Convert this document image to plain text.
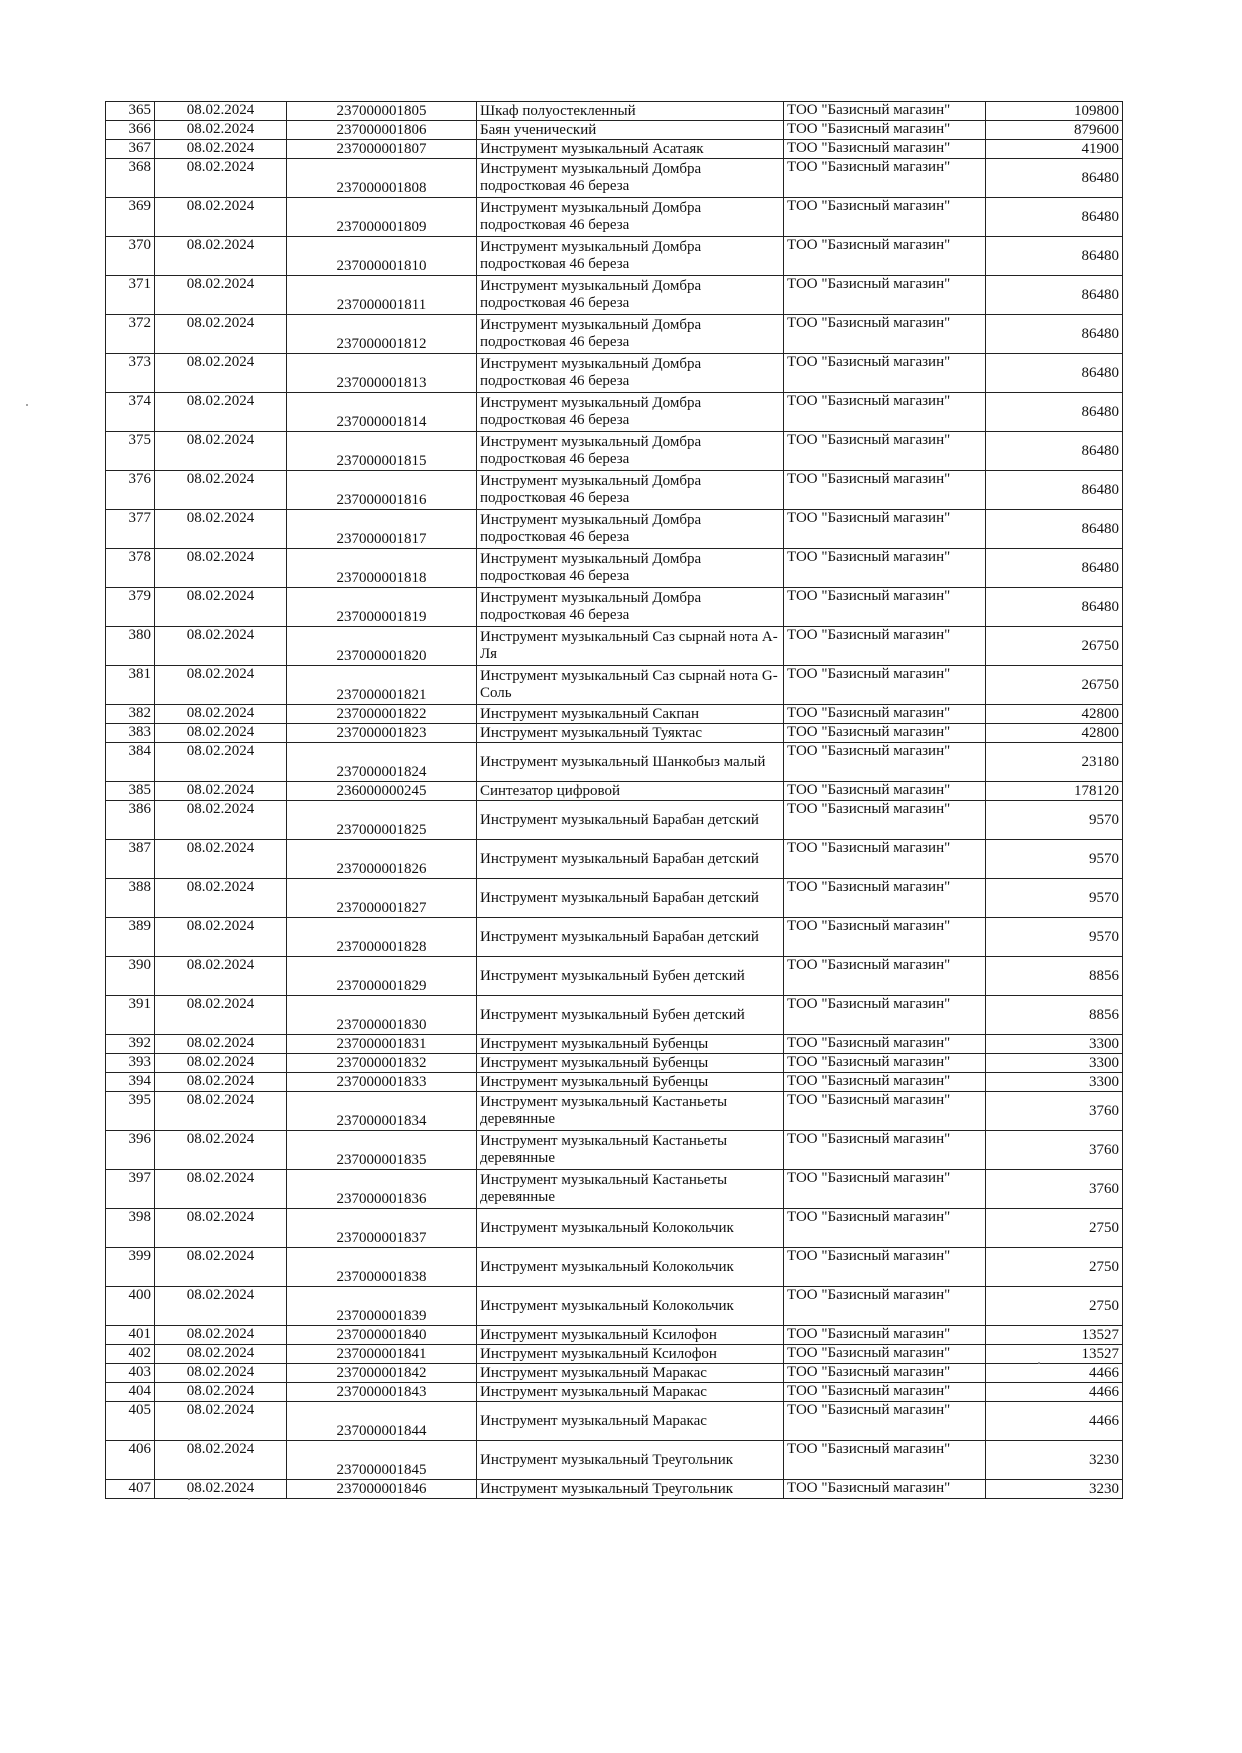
365	08.02.2024	237000001805	Шкаф полуостекленный	ТОО "Базисный магазин"	109800
366	08.02.2024	237000001806	Баян ученический	ТОО "Базисный магазин"	879600
367	08.02.2024	237000001807	Инструмент музыкальный Асатаяк	ТОО "Базисный магазин"	41900
368	08.02.2024	237000001808	Инструмент музыкальный Домбра подростковая 46 береза	ТОО "Базисный магазин"	86480
369	08.02.2024	237000001809	Инструмент музыкальный Домбра подростковая 46 береза	ТОО "Базисный магазин"	86480
370	08.02.2024	237000001810	Инструмент музыкальный Домбра подростковая 46 береза	ТОО "Базисный магазин"	86480
371	08.02.2024	237000001811	Инструмент музыкальный Домбра подростковая 46 береза	ТОО "Базисный магазин"	86480
372	08.02.2024	237000001812	Инструмент музыкальный Домбра подростковая 46 береза	ТОО "Базисный магазин"	86480
373	08.02.2024	237000001813	Инструмент музыкальный Домбра подростковая 46 береза	ТОО "Базисный магазин"	86480
374	08.02.2024	237000001814	Инструмент музыкальный Домбра подростковая 46 береза	ТОО "Базисный магазин"	86480
375	08.02.2024	237000001815	Инструмент музыкальный Домбра подростковая 46 береза	ТОО "Базисный магазин"	86480
376	08.02.2024	237000001816	Инструмент музыкальный Домбра подростковая 46 береза	ТОО "Базисный магазин"	86480
377	08.02.2024	237000001817	Инструмент музыкальный Домбра подростковая 46 береза	ТОО "Базисный магазин"	86480
378	08.02.2024	237000001818	Инструмент музыкальный Домбра подростковая 46 береза	ТОО "Базисный магазин"	86480
379	08.02.2024	237000001819	Инструмент музыкальный Домбра подростковая 46 береза	ТОО "Базисный магазин"	86480
380	08.02.2024	237000001820	Инструмент музыкальный Саз сырнай нота А-Ля	ТОО "Базисный магазин"	26750
381	08.02.2024	237000001821	Инструмент музыкальный Саз сырнай нота G-Соль	ТОО "Базисный магазин"	26750
382	08.02.2024	237000001822	Инструмент музыкальный Сакпан	ТОО "Базисный магазин"	42800
383	08.02.2024	237000001823	Инструмент музыкальный Туяктас	ТОО "Базисный магазин"	42800
384	08.02.2024	237000001824	Инструмент музыкальный Шанкобыз малый	ТОО "Базисный магазин"	23180
385	08.02.2024	236000000245	Синтезатор цифровой	ТОО "Базисный магазин"	178120
386	08.02.2024	237000001825	Инструмент музыкальный Барабан детский	ТОО "Базисный магазин"	9570
387	08.02.2024	237000001826	Инструмент музыкальный Барабан детский	ТОО "Базисный магазин"	9570
388	08.02.2024	237000001827	Инструмент музыкальный Барабан детский	ТОО "Базисный магазин"	9570
389	08.02.2024	237000001828	Инструмент музыкальный Барабан детский	ТОО "Базисный магазин"	9570
390	08.02.2024	237000001829	Инструмент музыкальный Бубен детский	ТОО "Базисный магазин"	8856
391	08.02.2024	237000001830	Инструмент музыкальный Бубен детский	ТОО "Базисный магазин"	8856
392	08.02.2024	237000001831	Инструмент музыкальный Бубенцы	ТОО "Базисный магазин"	3300
393	08.02.2024	237000001832	Инструмент музыкальный Бубенцы	ТОО "Базисный магазин"	3300
394	08.02.2024	237000001833	Инструмент музыкальный Бубенцы	ТОО "Базисный магазин"	3300
395	08.02.2024	237000001834	Инструмент музыкальный Кастаньеты деревянные	ТОО "Базисный магазин"	3760
396	08.02.2024	237000001835	Инструмент музыкальный Кастаньеты деревянные	ТОО "Базисный магазин"	3760
397	08.02.2024	237000001836	Инструмент музыкальный Кастаньеты деревянные	ТОО "Базисный магазин"	3760
398	08.02.2024	237000001837	Инструмент музыкальный Колокольчик	ТОО "Базисный магазин"	2750
399	08.02.2024	237000001838	Инструмент музыкальный Колокольчик	ТОО "Базисный магазин"	2750
400	08.02.2024	237000001839	Инструмент музыкальный Колокольчик	ТОО "Базисный магазин"	2750
401	08.02.2024	237000001840	Инструмент музыкальный Ксилофон	ТОО "Базисный магазин"	13527
402	08.02.2024	237000001841	Инструмент музыкальный Ксилофон	ТОО "Базисный магазин"	13527
403	08.02.2024	237000001842	Инструмент музыкальный Маракас	ТОО "Базисный магазин"	4466
404	08.02.2024	237000001843	Инструмент музыкальный Маракас	ТОО "Базисный магазин"	4466
405	08.02.2024	237000001844	Инструмент музыкальный Маракас	ТОО "Базисный магазин"	4466
406	08.02.2024	237000001845	Инструмент музыкальный Треугольник	ТОО "Базисный магазин"	3230
407	08.02.2024	237000001846	Инструмент музыкальный Треугольник	ТОО "Базисный магазин"	3230
